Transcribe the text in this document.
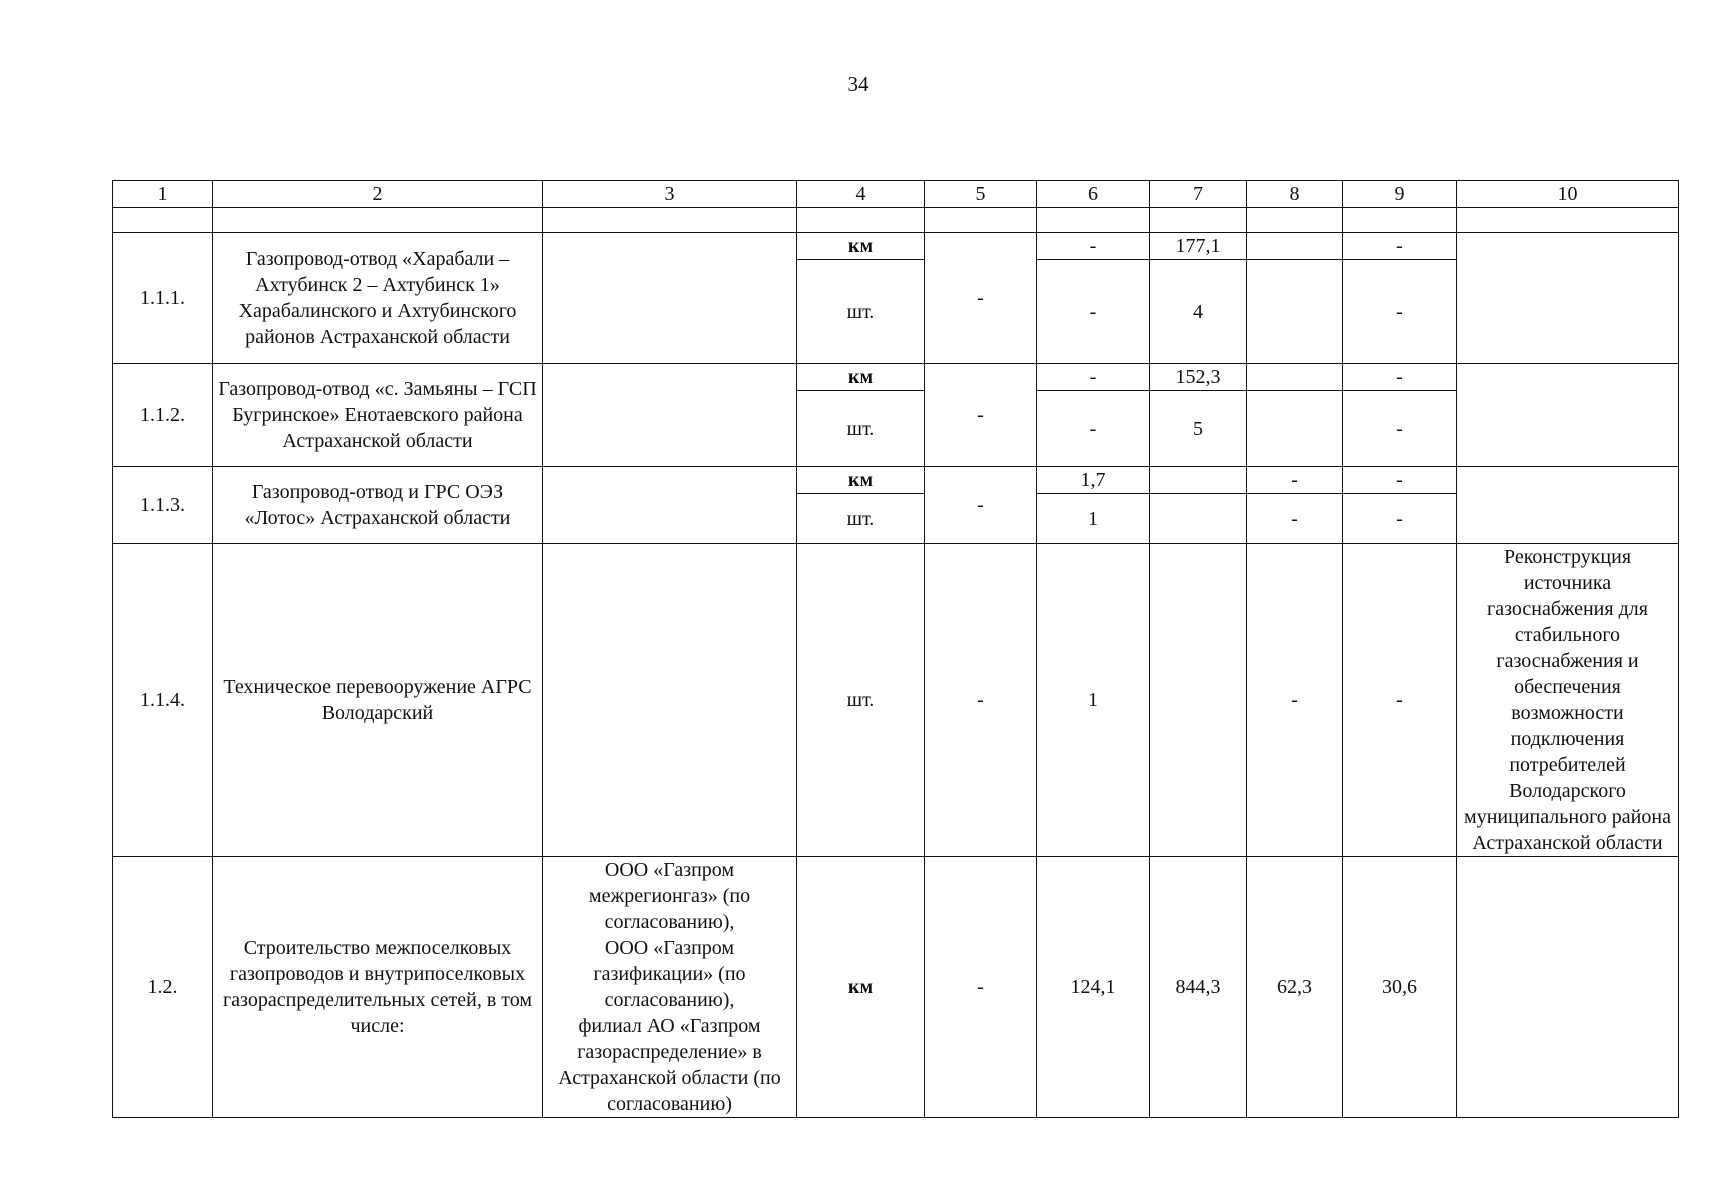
34
1	2	3	4	5	6	7	8	9	10

1.1.1.	Газопровод-отвод «Харабали – Ахтубинск 2 – Ахтубинск 1» Харабалинского и Ахтубинского районов Астраханской области		км	-	-	177,1		-	
			шт.		-	4		-	
1.1.2.	Газопровод-отвод «с. Замьяны – ГСП Бугринское» Енотаевского района Астраханской области		км	-	-	152,3		-	
			шт.		-	5		-	
1.1.3.	Газопровод-отвод и ГРС ОЭЗ «Лотос» Астраханской области		км	-	1,7		-	-	
			шт.		1		-	-	
1.1.4.	Техническое перевооружение АГРС Володарский		шт.	-	1		-	-	Реконструкция источника газоснабжения для стабильного газоснабжения и обеспечения возможности подключения потребителей Володарского муниципального района Астраханской области
1.2.	Строительство межпоселковых газопроводов и внутрипоселковых газораспределительных сетей, в том числе:	ООО «Газпром межрегионгаз» (по согласованию),
ООО «Газпром газификации» (по согласованию),
филиал АО «Газпром газораспределение» в Астраханской области (по согласованию)	км	-	124,1	844,3	62,3	30,6	
